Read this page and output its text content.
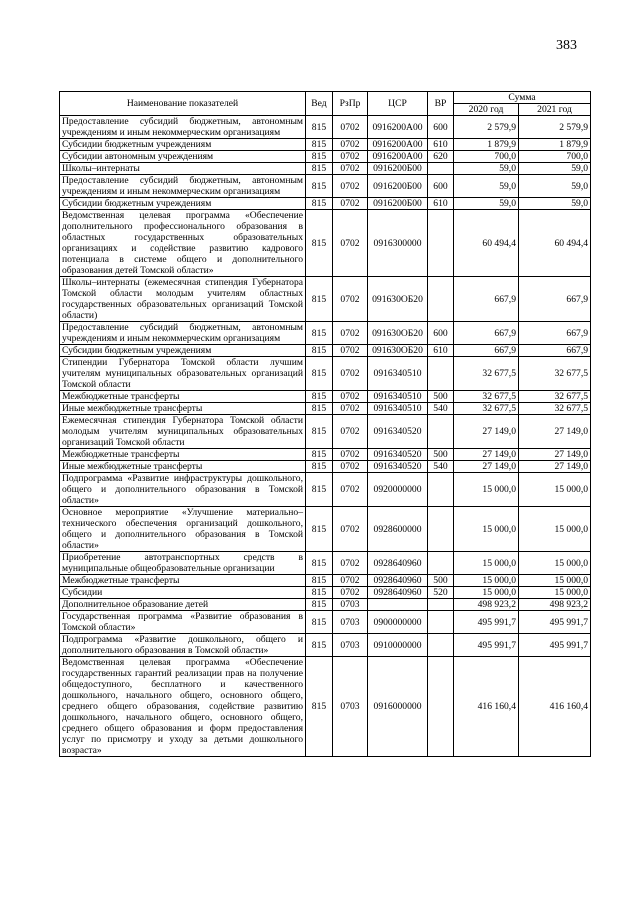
383
Наименование показателей	Вед	РзПр	ЦСР	ВР	Сумма	
					2020 год	2021 год
Предоставление субсидий бюджетным, автономным учреждениям и иным некоммерческим организациям	815	0702	0916200А00	600	2 579,9	2 579,9
Субсидии бюджетным учреждениям	815	0702	0916200А00	610	1 879,9	1 879,9
Субсидии автономным учреждениям	815	0702	0916200А00	620	700,0	700,0
Школы–интернаты	815	0702	0916200Б00		59,0	59,0
Предоставление субсидий бюджетным, автономным учреждениям и иным некоммерческим организациям	815	0702	0916200Б00	600	59,0	59,0
Субсидии бюджетным учреждениям	815	0702	0916200Б00	610	59,0	59,0
Ведомственная целевая программа «Обеспечение дополнительного профессионального образования в областных государственных образовательных организациях и содействие развитию кадрового потенциала в системе общего и дополнительного образования детей Томской области»	815	0702	0916300000		60 494,4	60 494,4
Школы–интернаты (ежемесячная стипендия Губернатора Томской области молодым учителям областных государственных образовательных организаций Томской области)	815	0702	091630ОБ20		667,9	667,9
Предоставление субсидий бюджетным, автономным учреждениям и иным некоммерческим организациям	815	0702	091630ОБ20	600	667,9	667,9
Субсидии бюджетным учреждениям	815	0702	091630ОБ20	610	667,9	667,9
Стипендии Губернатора Томской области лучшим учителям муниципальных образовательных организаций Томской области	815	0702	0916340510		32 677,5	32 677,5
Межбюджетные трансферты	815	0702	0916340510	500	32 677,5	32 677,5
Иные межбюджетные трансферты	815	0702	0916340510	540	32 677,5	32 677,5
Ежемесячная стипендия Губернатора Томской области молодым учителям муниципальных образовательных организаций Томской области	815	0702	0916340520		27 149,0	27 149,0
Межбюджетные трансферты	815	0702	0916340520	500	27 149,0	27 149,0
Иные межбюджетные трансферты	815	0702	0916340520	540	27 149,0	27 149,0
Подпрограмма «Развитие инфраструктуры дошкольного, общего и дополнительного образования в Томской области»	815	0702	0920000000		15 000,0	15 000,0
Основное мероприятие «Улучшение материально–технического обеспечения организаций дошкольного, общего и дополнительного образования в Томской области»	815	0702	0928600000		15 000,0	15 000,0
Приобретение автотранспортных средств в муниципальные общеобразовательные организации	815	0702	0928640960		15 000,0	15 000,0
Межбюджетные трансферты	815	0702	0928640960	500	15 000,0	15 000,0
Субсидии	815	0702	0928640960	520	15 000,0	15 000,0
Дополнительное образование детей	815	0703			498 923,2	498 923,2
Государственная программа «Развитие образования в Томской области»	815	0703	0900000000		495 991,7	495 991,7
Подпрограмма «Развитие дошкольного, общего и дополнительного образования в Томской области»	815	0703	0910000000		495 991,7	495 991,7
Ведомственная целевая программа «Обеспечение государственных гарантий реализации прав на получение общедоступного, бесплатного и качественного дошкольного, начального общего, основного общего, среднего общего образования, содействие развитию дошкольного, начального общего, основного общего, среднего общего образования и форм предоставления услуг по присмотру и уходу за детьми дошкольного возраста»	815	0703	0916000000		416 160,4	416 160,4
